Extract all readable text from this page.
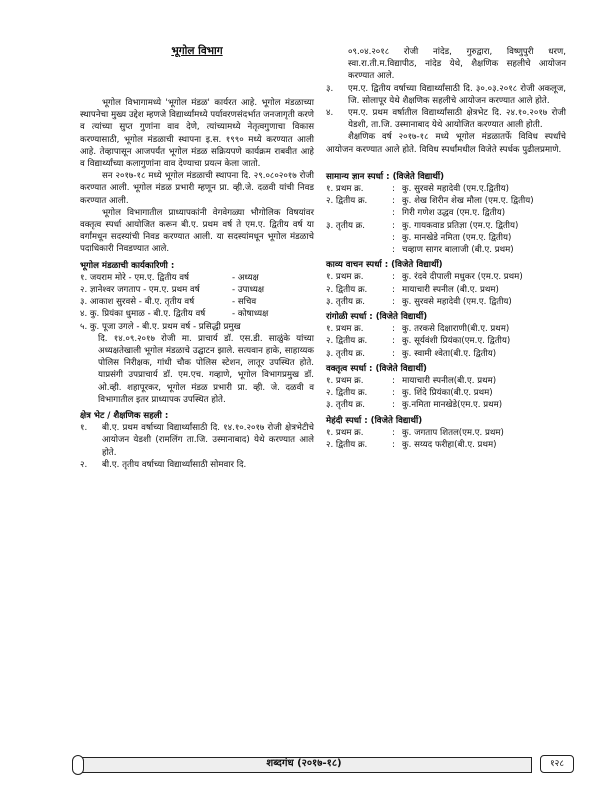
भूगोल विभाग
भूगोल विभागामध्ये 'भूगोल मंडळ' कार्यरत आहे. भूगोल मंडळाच्या स्थापनेचा मुख्य उद्देश म्हणजे विद्यार्थ्यांमध्ये पर्यावरणसंदर्भात जनजागृती करणे व त्यांच्या सुप्त गुणांना वाव देणे, त्यांच्यामध्ये नेतृत्वगुणाचा विकास करण्यासाठी, भूगोल मंडळाची स्थापना इ.स. १९९० मध्ये करण्यात आली आहे. तेव्हापासून आजपर्यंत भूगोल मंडळ सक्रियपणे कार्यक्रम राबवीत आहे व विद्यार्थ्यांच्या कलागुणांना वाव देण्याचा प्रयत्न केला जातो.
सन २०१७-१८ मध्ये भूगोल मंडळाची स्थापना दि. २९.०८०२०१७ रोजी करण्यात आली. भूगोल मंडळ प्रभारी म्हणून प्रा. व्ही.जे. दळवी यांची निवड करण्यात आली.
भूगोल विभागातील प्राध्यापकांनी वेगवेगळ्या भौगोलिक विषयांवर वक्तृत्व स्पर्धा आयोजित करून बी.ए. प्रथम वर्ष ते एम.ए. द्वितीय वर्ष या वर्गांमधून सदस्यांची निवड करण्यात आली. या सदस्यांमधून भूगोल मंडळाचे पदाधिकारी निवडण्यात आले.
भूगोल मंडळाची कार्यकारिणी :
१. जयराम मोरे - एम.ए. द्वितीय वर्ष	- अध्यक्ष
२. ज्ञानेश्वर जगताप - एम.ए. प्रथम वर्ष	- उपाध्यक्ष
३. आकाश सुरवसे - बी.ए. तृतीय वर्ष	- सचिव
४. कु. प्रियंका धुमाळ - बी.ए. द्वितीय वर्ष	- कोषाध्यक्ष
५. कु. पूजा उगले - बी.ए. प्रथम वर्ष - प्रसिद्धी प्रमुख
दि. १४.०९.२०१७ रोजी मा. प्राचार्य डॉ. एस.डी. साळुंके यांच्या अध्यक्षतेखाली भूगोल मंडळाचे उद्घाटन झाले. सत्यवान हाके, साहाय्यक पोलिस निरीक्षक, गांधी चौक पोलिस स्टेशन, लातूर उपस्थित होते. याप्रसंगी उपप्राचार्य डॉ. एम.एच. गव्हाणे, भूगोल विभागप्रमुख डॉ. ओ.व्ही. शहापूरकर, भूगोल मंडळ प्रभारी प्रा. व्ही. जे. दळवी व विभागातील इतर प्राध्यापक उपस्थित होते.
क्षेत्र भेट / शैक्षणिक सहली :
१.	बी.ए. प्रथम वर्षाच्या विद्यार्थ्यांसाठी दि. १४.१०.२०१७ रोजी क्षेत्रभेटीचे आयोजन येडशी (रामलिंग ता.जि. उस्मानाबाद) येथे करण्यात आले होते.
२.	बी.ए. तृतीय वर्षाच्या विद्यार्थ्यांसाठी सोमवार दि.
०९.०४.२०१८ रोजी नांदेड, गुरुद्वारा, विष्णुपुरी धरण, स्वा.रा.ती.म.विद्यापीठ, नांदेड येथे, शैक्षणिक सहलीचे आयोजन करण्यात आले.
३.	एम.ए. द्वितीय वर्षाच्या विद्यार्थ्यांसाठी दि. ३०.०३.२०१८ रोजी अकलूज, जि. सोलापूर येथे शैक्षणिक सहलीचे आयोजन करण्यात आले होते.
४.	एम.ए. प्रथम वर्षातील विद्यार्थ्यांसाठी क्षेत्रभेट दि. २४.१०.२०१७ रोजी येडशी, ता.जि. उस्मानाबाद येथे आयोजित करण्यात आली होती.
शैक्षणिक वर्ष २०१७-१८ मध्ये भूगोल मंडळातर्फे विविध स्पर्धांचे आयोजन करण्यात आले होते. विविध स्पर्धांमधील विजेते स्पर्धक पुढीलप्रमाणे.
सामान्य ज्ञान स्पर्धा : (विजेते विद्यार्थी)
१. प्रथम क्र.	: कु. सुरवसे महादेवी (एम.ए.द्वितीय)
२. द्वितीय क्र.	: कु. शेख शिरीन शेख मौला (एम.ए. द्वितीय)
: गिरी गणेश उद्धव (एम.ए. द्वितीय)
३. तृतीय क्र.	: कु. गायकवाड प्रतिज्ञा (एम.ए. द्वितीय)
: कु. मानखेडे नमिता (एम.ए. द्वितीय)
: चव्हाण सागर बालाजी (बी.ए. प्रथम)
काव्य वाचन स्पर्धा : (विजेते विद्यार्थी)
१. प्रथम क्र.	: कु. रंदवे दीपाली मधुकर (एम.ए. प्रथम)
२. द्वितीय क्र.	: मायाचारी स्पनील (बी.ए. प्रथम)
३. तृतीय क्र.	: कु. सुरवसे महादेवी (एम.ए. द्वितीय)
रांगोळी स्पर्धा : (विजेते विद्यार्थी)
१. प्रथम क्र.	: कु. तरकसे दिक्षाराणी(बी.ए. प्रथम)
२. द्वितीय क्र.	: कु. सूर्यवंशी प्रियंका(एम.ए. द्वितीय)
३. तृतीय क्र.	: कु. स्वामी श्वेता(बी.ए. द्वितीय)
वक्तृत्व स्पर्धा : (विजेते विद्यार्थी)
१. प्रथम क्र.	: मायाचारी स्पनील(बी.ए. प्रथम)
२. द्वितीय क्र.	: कु. शिंदे प्रियंका(बी.ए. प्रथम)
३. तृतीय क्र.	: कु.नमिता मानखेडे(एम.ए. प्रथम)
मेहंदी स्पर्धा : (विजेते विद्यार्थी)
१. प्रथम क्र.	: कु. जगताप शितल(एम.ए. प्रथम)
२. द्वितीय क्र.	: कु. सय्यद फरीहा(बी.ए. प्रथम)
शब्दगंध (२०१७-१८)	१२८
